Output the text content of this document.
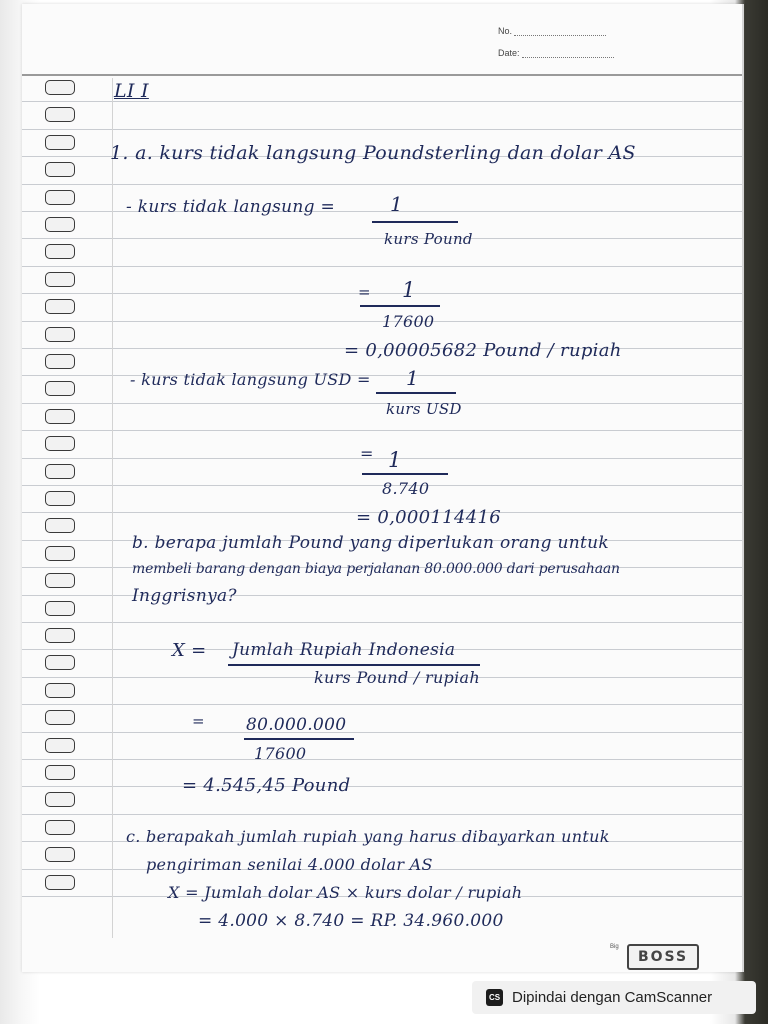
No.
Date:
LI I
1. a. kurs tidak langsung Poundsterling dan dolar AS
- kurs tidak langsung =	1
kurs Pound
= 1
17600
= 0,00005682 Pound / rupiah
- kurs tidak langsung USD = 1
kurs USD
= 1
8.740
= 0,000114416
b. berapa jumlah Pound yang diperlukan orang untuk
membeli barang dengan biaya perjalanan 80.000.000 dari perusahaan
Inggrisnya?
X = Jumlah Rupiah Indonesia
kurs Pound / rupiah
= 80.000.000
17600
= 4.545,45 Pound
c. berapakah jumlah rupiah yang harus dibayarkan untuk
pengiriman senilai 4.000 dolar AS
X = Jumlah dolar AS × kurs dolar / rupiah
= 4.000 × 8.740 = RP. 34.960.000
Big
BOSS
CS Dipindai dengan CamScanner
